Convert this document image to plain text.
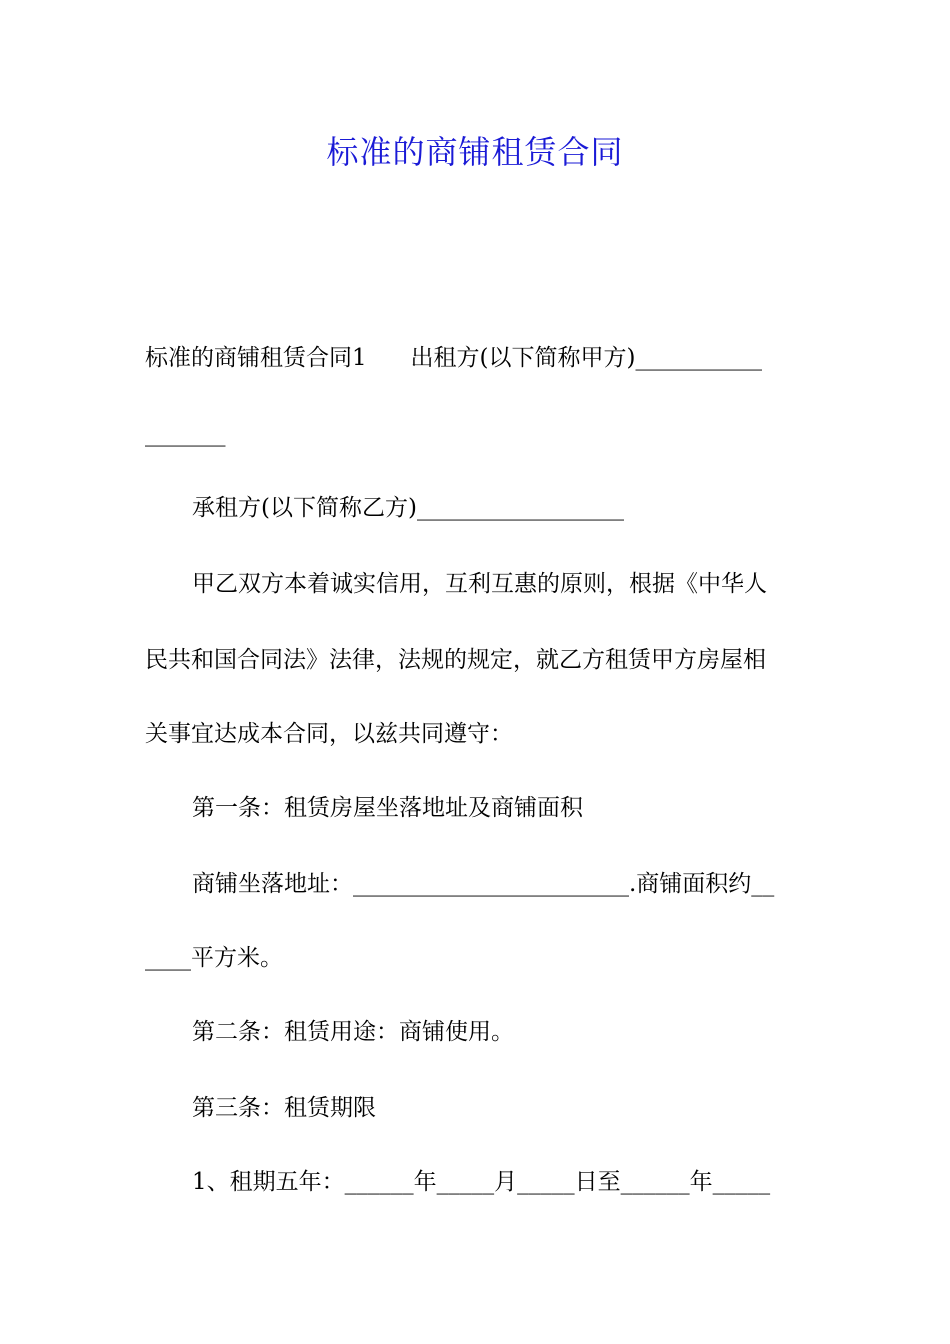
标准的商铺租赁合同
标准的商铺租赁合同1      出租方(以下简称甲方)___________
_______
承租方(以下简称乙方)__________________
甲乙双方本着诚实信用，互利互惠的原则，根据《中华人
民共和国合同法》法律，法规的规定，就乙方租赁甲方房屋相
关事宜达成本合同，以兹共同遵守：
第一条：租赁房屋坐落地址及商铺面积
商铺坐落地址：________________________.商铺面积约__
____平方米。
第二条：租赁用途：商铺使用。
第三条：租赁期限
1、租期五年：______年_____月_____日至______年_____
